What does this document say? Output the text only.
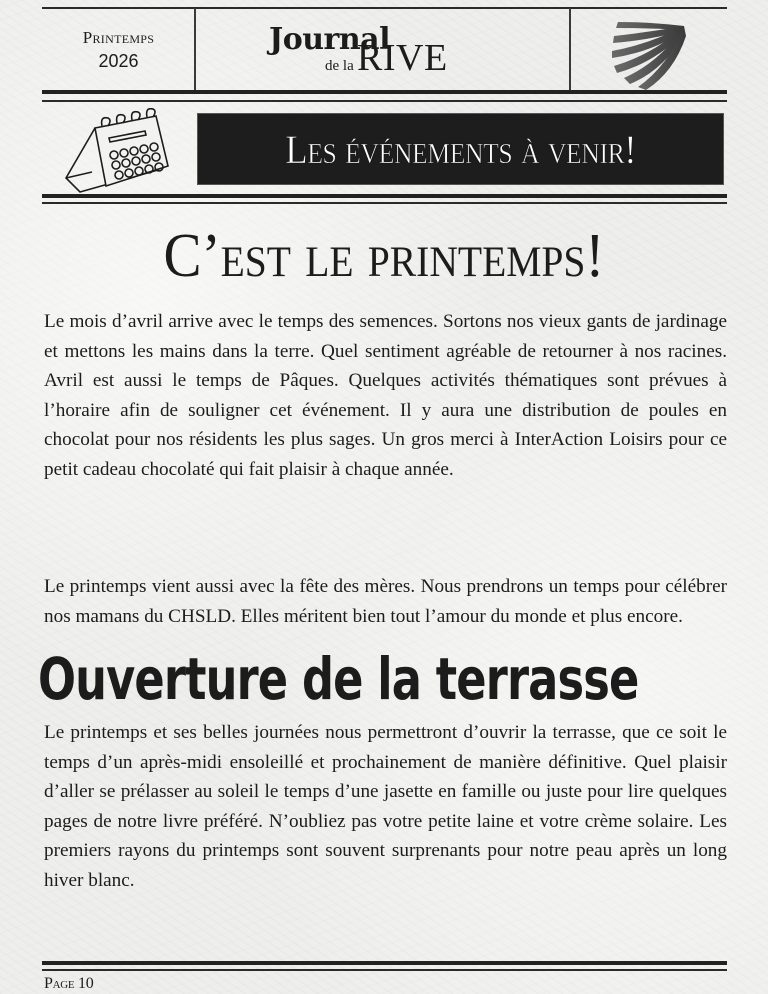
Printemps
2026
Journal
de la RIVE
Les événements à venir!
C’est le printemps!

Le mois d’avril arrive avec le temps des semences. Sortons nos vieux gants de jardinage et mettons les mains dans la terre. Quel sentiment agréable de retourner à nos racines. Avril est aussi le temps de Pâques. Quelques activités thématiques sont prévues à l’horaire afin de souligner cet événement. Il y aura une distribution de poules en chocolat pour nos résidents les plus sages. Un gros merci à InterAction Loisirs pour ce petit cadeau chocolaté qui fait plaisir à chaque année.

Le printemps vient aussi avec la fête des mères. Nous prendrons un temps pour célébrer nos mamans du CHSLD. Elles méritent bien tout l’amour du monde et plus encore.

Ouverture de la terrasse

Le printemps et ses belles journées nous permettront d’ouvrir la terrasse, que ce soit le temps d’un après-midi ensoleillé et prochainement de manière définitive. Quel plaisir d’aller se prélasser au soleil le temps d’une jasette en famille ou juste pour lire quelques pages de notre livre préféré. N’oubliez pas votre petite laine et votre crème solaire. Les premiers rayons du printemps sont souvent surprenants pour notre peau après un long hiver blanc.

Page 10
